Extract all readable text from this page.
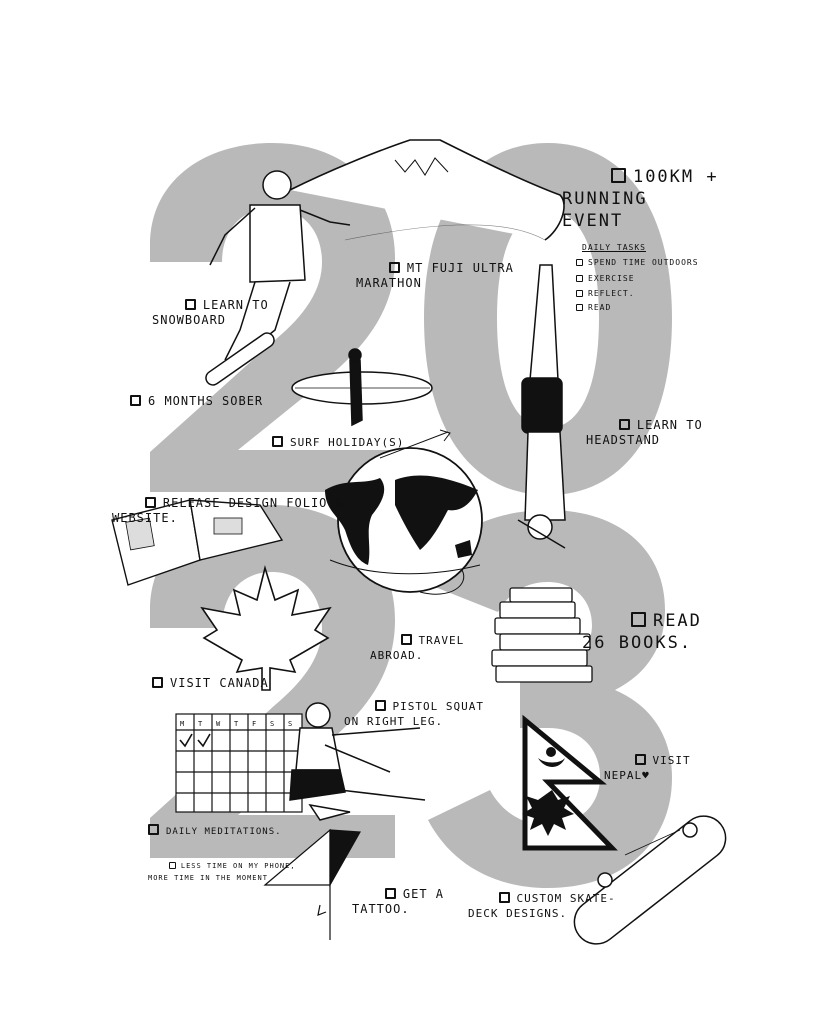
M T W T F S S

100KM +
RUNNING
EVENT

DAILY TASKS
SPEND TIME OUTDOORS
EXERCISE
REFLECT.
READ

MT FUJI ULTRA
MARATHON

LEARN TO
SNOWBOARD

6 MONTHS SOBER
SURF HOLIDAY(S)

LEARN TO
HEADSTAND

RELEASE DESIGN FOLIO &
WEBSITE.

TRAVEL
ABROAD.

READ
26 BOOKS.

VISIT CANADA

PISTOL SQUAT
ON RIGHT LEG.

VISIT
NEPAL♥

DAILY MEDITATIONS.

LESS TIME ON MY PHONE,
MORE TIME IN THE MOMENT

GET A
TATTOO.

CUSTOM SKATE-
DECK DESIGNS.
